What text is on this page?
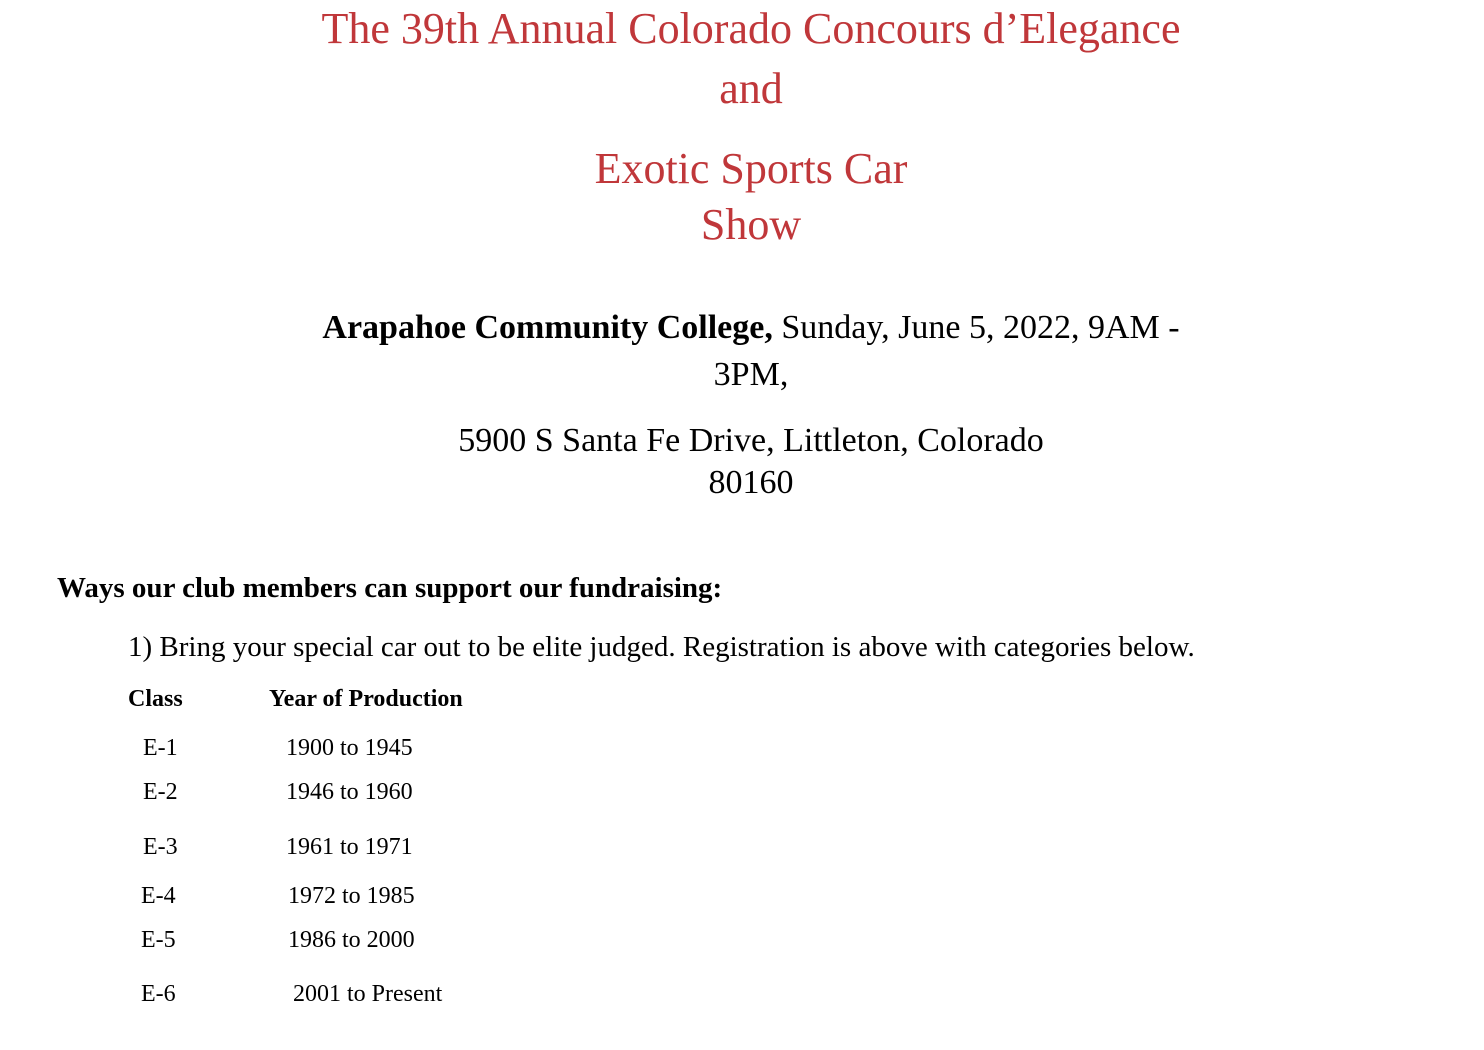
The 39th Annual Colorado Concours d’Elegance
and
Exotic Sports Car
Show
Arapahoe Community College, Sunday, June 5, 2022, 9AM -
3PM,
5900 S Santa Fe Drive, Littleton, Colorado
80160
Ways our club members can support our fundraising:
1) Bring your special car out to be elite judged. Registration is above with categories below.
Class	Year of Production
E-1	1900 to 1945
E-2	1946 to 1960
E-3	1961 to 1971
E-4	1972 to 1985
E-5	1986 to 2000
E-6	2001 to Present
